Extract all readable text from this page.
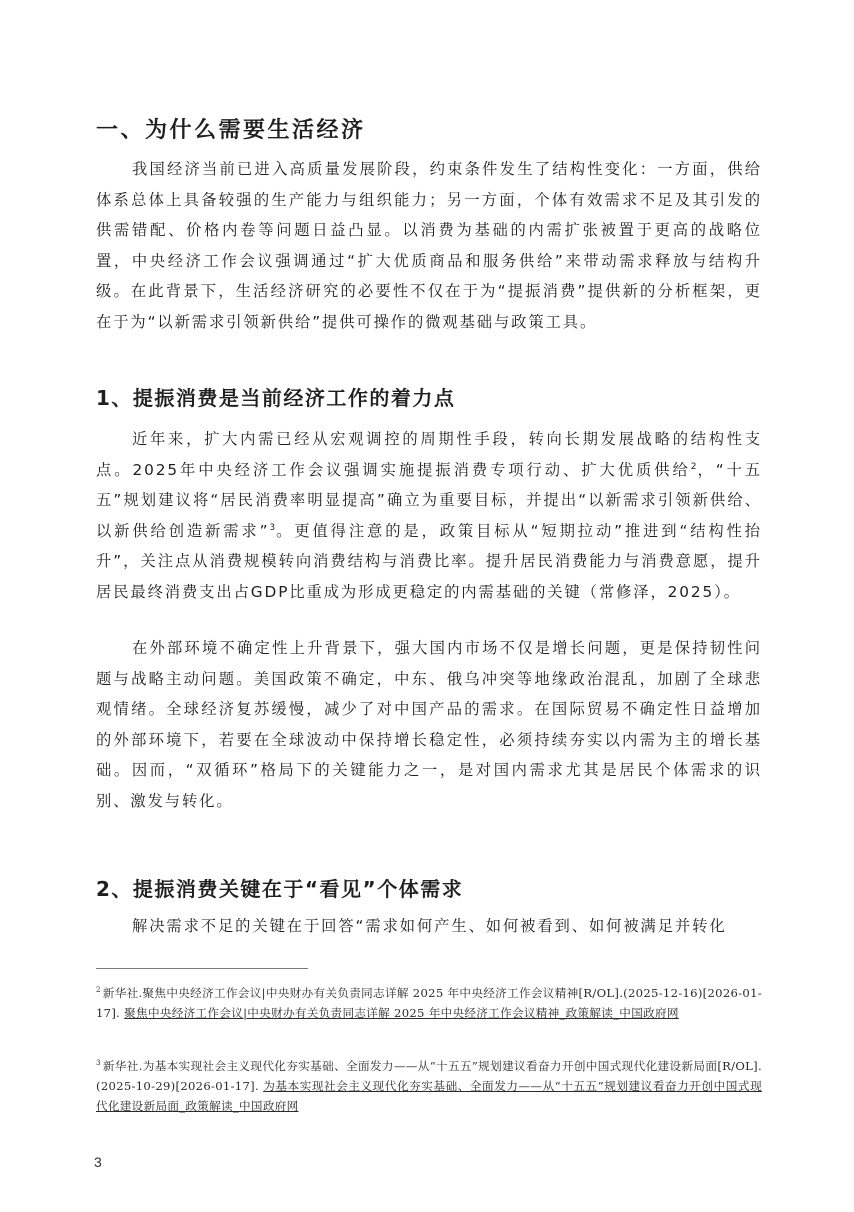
一、为什么需要生活经济

我国经济当前已进入高质量发展阶段，约束条件发生了结构性变化：一方面，供给体系总体上具备较强的生产能力与组织能力；另一方面，个体有效需求不足及其引发的供需错配、价格内卷等问题日益凸显。以消费为基础的内需扩张被置于更高的战略位置，中央经济工作会议强调通过“扩大优质商品和服务供给”来带动需求释放与结构升级。在此背景下，生活经济研究的必要性不仅在于为“提振消费”提供新的分析框架，更在于为“以新需求引领新供给”提供可操作的微观基础与政策工具。

1、提振消费是当前经济工作的着力点

近年来，扩大内需已经从宏观调控的周期性手段，转向长期发展战略的结构性支点。2025年中央经济工作会议强调实施提振消费专项行动、扩大优质供给$^2$，“十五五”规划建议将“居民消费率明显提高”确立为重要目标，并提出“以新需求引领新供给、以新供给创造新需求”$^3$。更值得注意的是，政策目标从“短期拉动”推进到“结构性抬升”，关注点从消费规模转向消费结构与消费比率。提升居民消费能力与消费意愿，提升居民最终消费支出占GDP比重成为形成更稳定的内需基础的关键（常修泽，2025）。

在外部环境不确定性上升背景下，强大国内市场不仅是增长问题，更是保持韧性问题与战略主动问题。美国政策不确定，中东、俄乌冲突等地缘政治混乱，加剧了全球悲观情绪。全球经济复苏缓慢，减少了对中国产品的需求。在国际贸易不确定性日益增加的外部环境下，若要在全球波动中保持增长稳定性，必须持续夯实以内需为主的增长基础。因而，“双循环”格局下的关键能力之一，是对国内需求尤其是居民个体需求的识别、激发与转化。

2、提振消费关键在于“看见”个体需求

解决需求不足的关键在于回答“需求如何产生、如何被看到、如何被满足并转化

$^2$ 新华社.聚焦中央经济工作会议|中央财办有关负责同志详解 2025 年中央经济工作会议精神[R/OL].(2025-12-16)[2026-01-17]. 聚焦中央经济工作会议|中央财办有关负责同志详解 2025 年中央经济工作会议精神_政策解读_中国政府网

$^3$ 新华社.为基本实现社会主义现代化夯实基础、全面发力——从“十五五”规划建议看奋力开创中国式现代化建设新局面[R/OL].(2025-10-29)[2026-01-17]. 为基本实现社会主义现代化夯实基础、全面发力——从“十五五”规划建议看奋力开创中国式现代化建设新局面_政策解读_中国政府网

3
